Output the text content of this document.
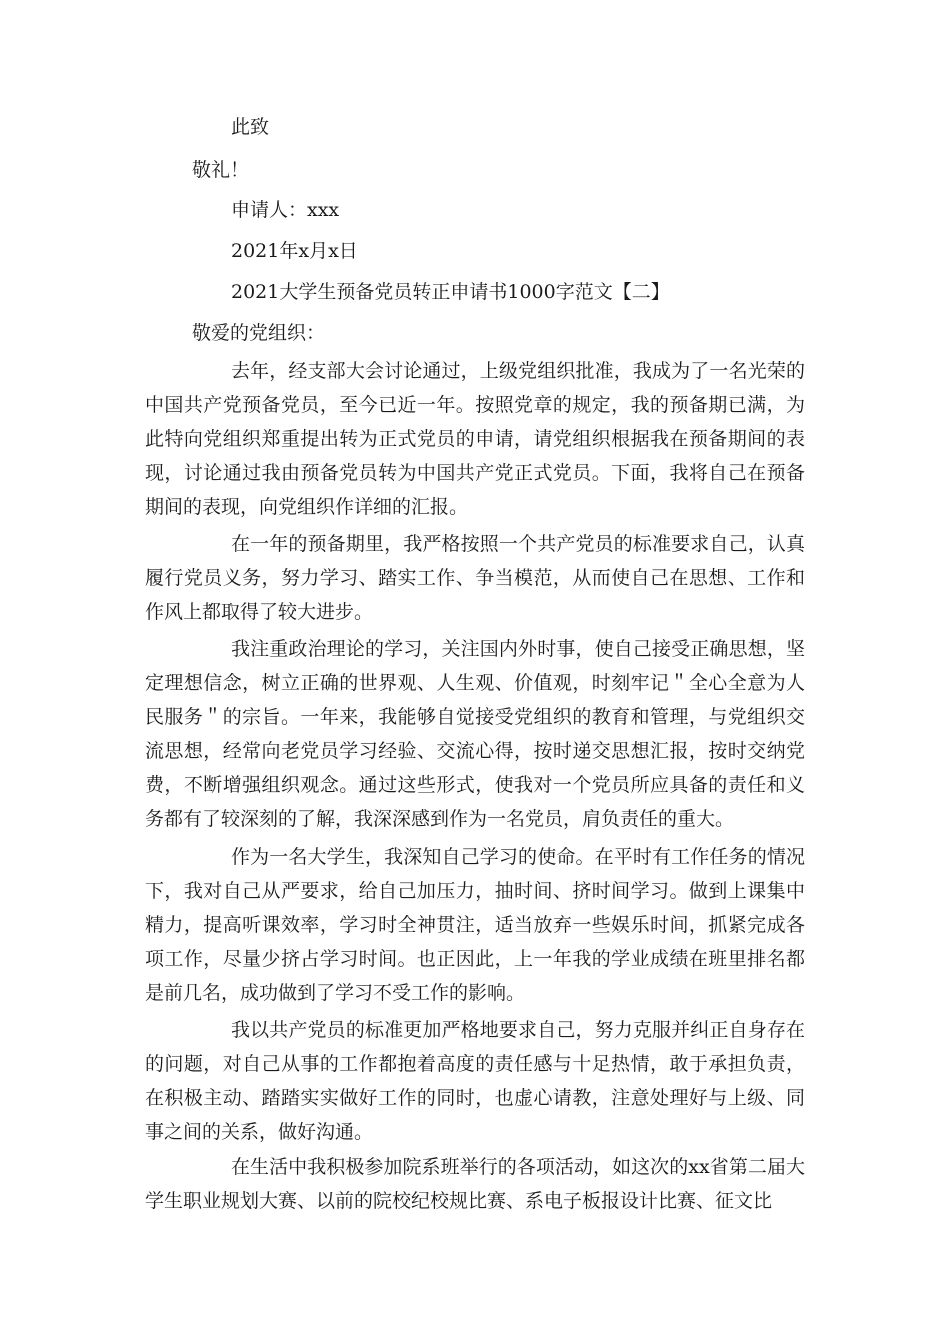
此致
敬礼！
申请人：xxx
2021年x月x日
2021大学生预备党员转正申请书1000字范文【二】
敬爱的党组织：

去年，经支部大会讨论通过，上级党组织批准，我成为了一名光荣的中国共产党预备党员，至今已近一年。按照党章的规定，我的预备期已满，为此特向党组织郑重提出转为正式党员的申请，请党组织根据我在预备期间的表现，讨论通过我由预备党员转为中国共产党正式党员。下面，我将自己在预备期间的表现，向党组织作详细的汇报。

在一年的预备期里，我严格按照一个共产党员的标准要求自己，认真履行党员义务，努力学习、踏实工作、争当模范，从而使自己在思想、工作和作风上都取得了较大进步。

我注重政治理论的学习，关注国内外时事，使自己接受正确思想，坚定理想信念，树立正确的世界观、人生观、价值观，时刻牢记＂全心全意为人民服务＂的宗旨。一年来，我能够自觉接受党组织的教育和管理，与党组织交流思想，经常向老党员学习经验、交流心得，按时递交思想汇报，按时交纳党费，不断增强组织观念。通过这些形式，使我对一个党员所应具备的责任和义务都有了较深刻的了解，我深深感到作为一名党员，肩负责任的重大。

作为一名大学生，我深知自己学习的使命。在平时有工作任务的情况下，我对自己从严要求，给自己加压力，抽时间、挤时间学习。做到上课集中精力，提高听课效率，学习时全神贯注，适当放弃一些娱乐时间，抓紧完成各项工作，尽量少挤占学习时间。也正因此，上一年我的学业成绩在班里排名都是前几名，成功做到了学习不受工作的影响。

我以共产党员的标准更加严格地要求自己，努力克服并纠正自身存在的问题，对自己从事的工作都抱着高度的责任感与十足热情，敢于承担负责，在积极主动、踏踏实实做好工作的同时，也虚心请教，注意处理好与上级、同事之间的关系，做好沟通。

在生活中我积极参加院系班举行的各项活动，如这次的xx省第二届大学生职业规划大赛、以前的院校纪校规比赛、系电子板报设计比赛、征文比
